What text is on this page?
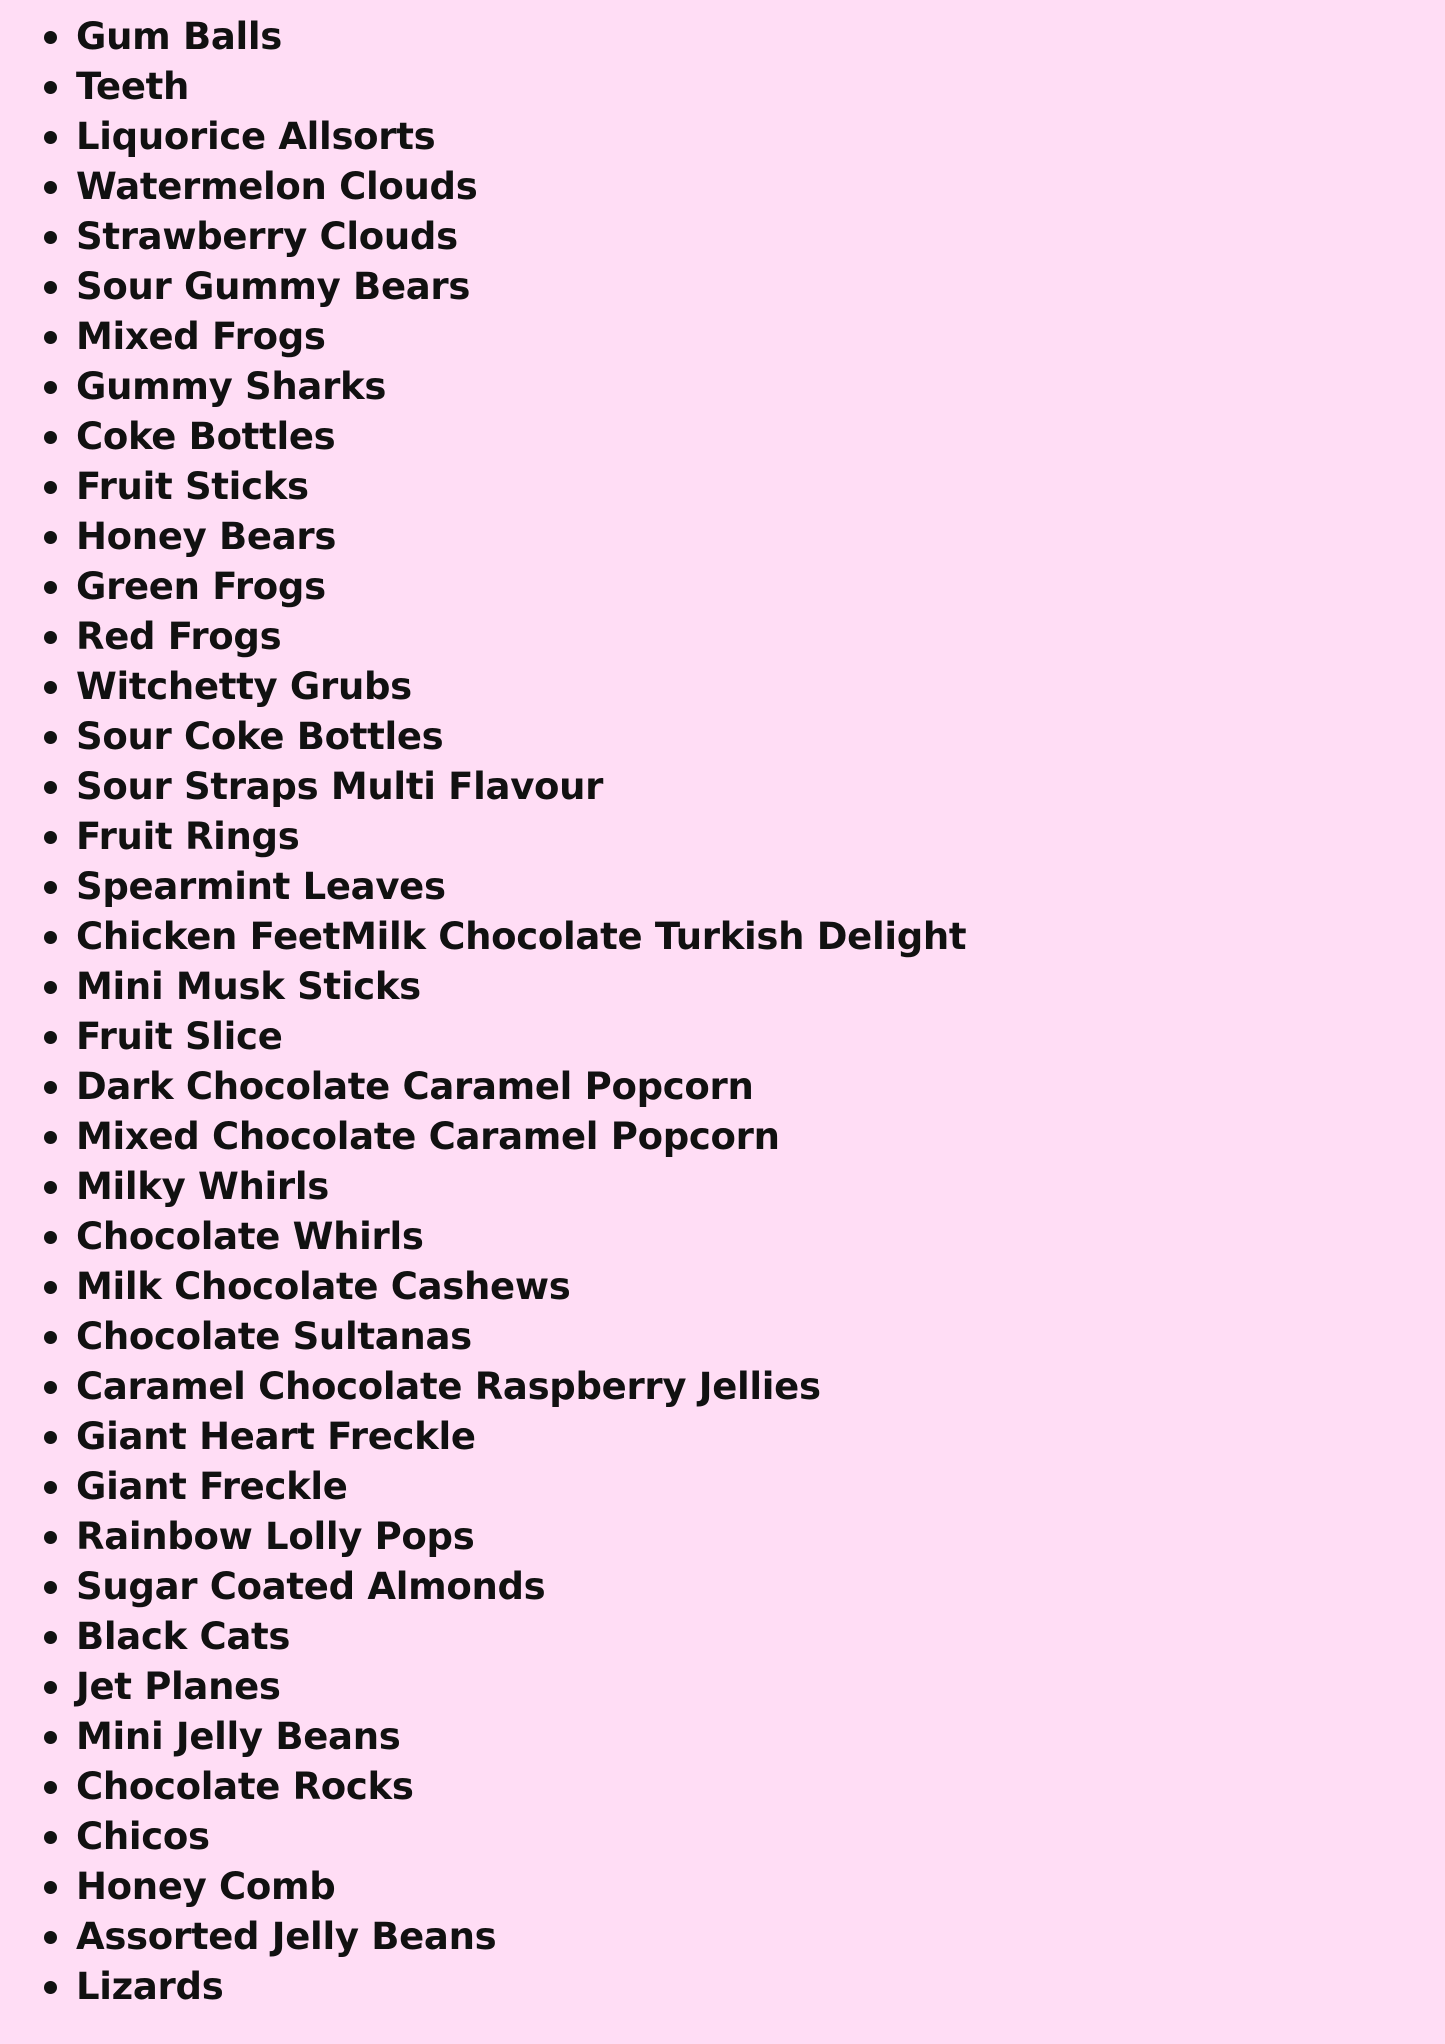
Gum Balls
Teeth
Liquorice Allsorts
Watermelon Clouds
Strawberry Clouds
Sour Gummy Bears
Mixed Frogs
Gummy Sharks
Coke Bottles
Fruit Sticks
Honey Bears
Green Frogs
Red Frogs
Witchetty Grubs
Sour Coke Bottles
Sour Straps Multi Flavour
Fruit Rings
Spearmint Leaves
Chicken FeetMilk Chocolate Turkish Delight
Mini Musk Sticks
Fruit Slice
Dark Chocolate Caramel Popcorn
Mixed Chocolate Caramel Popcorn
Milky Whirls
Chocolate Whirls
Milk Chocolate Cashews
Chocolate Sultanas
Caramel Chocolate Raspberry Jellies
Giant Heart Freckle
Giant Freckle
Rainbow Lolly Pops
Sugar Coated Almonds
Black Cats
Jet Planes
Mini Jelly Beans
Chocolate Rocks
Chicos
Honey Comb
Assorted Jelly Beans
Lizards
